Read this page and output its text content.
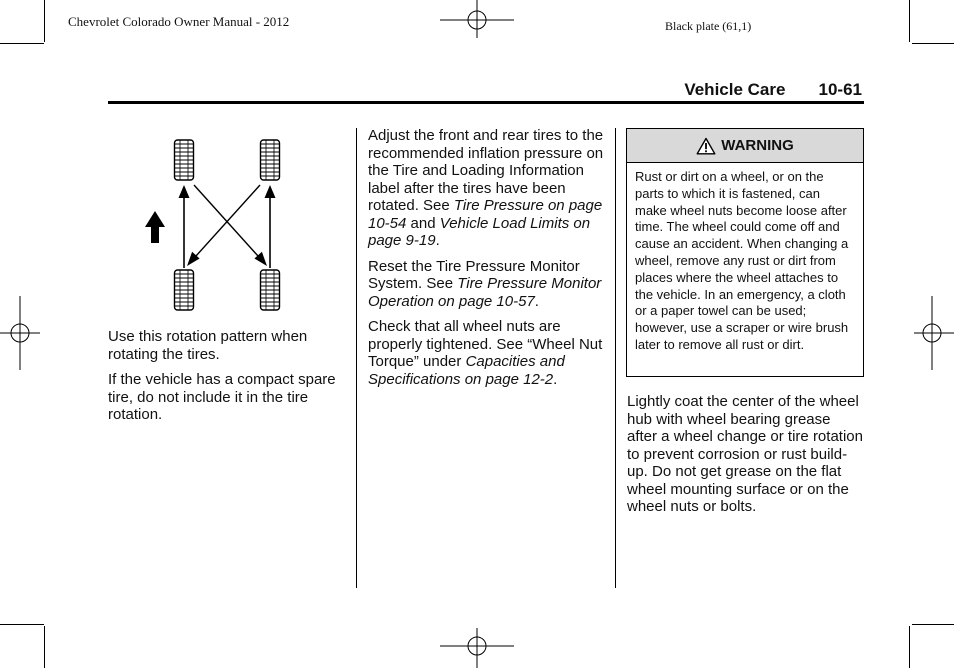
Chevrolet Colorado Owner Manual - 2012	Black plate (61,1)
Vehicle Care 10-61

Use this rotation pattern when rotating the tires.

If the vehicle has a compact spare tire, do not include it in the tire rotation.

Adjust the front and rear tires to the recommended inflation pressure on the Tire and Loading Information label after the tires have been rotated. See Tire Pressure on page 10-54 and Vehicle Load Limits on page 9-19.

Reset the Tire Pressure Monitor System. See Tire Pressure Monitor Operation on page 10-57.

Check that all wheel nuts are properly tightened. See “Wheel Nut Torque” under Capacities and Specifications on page 12-2.

WARNING
Rust or dirt on a wheel, or on the parts to which it is fastened, can make wheel nuts become loose after time. The wheel could come off and cause an accident. When changing a wheel, remove any rust or dirt from places where the wheel attaches to the vehicle. In an emergency, a cloth or a paper towel can be used; however, use a scraper or wire brush later to remove all rust or dirt.

Lightly coat the center of the wheel hub with wheel bearing grease after a wheel change or tire rotation to prevent corrosion or rust build-up. Do not get grease on the flat wheel mounting surface or on the wheel nuts or bolts.
